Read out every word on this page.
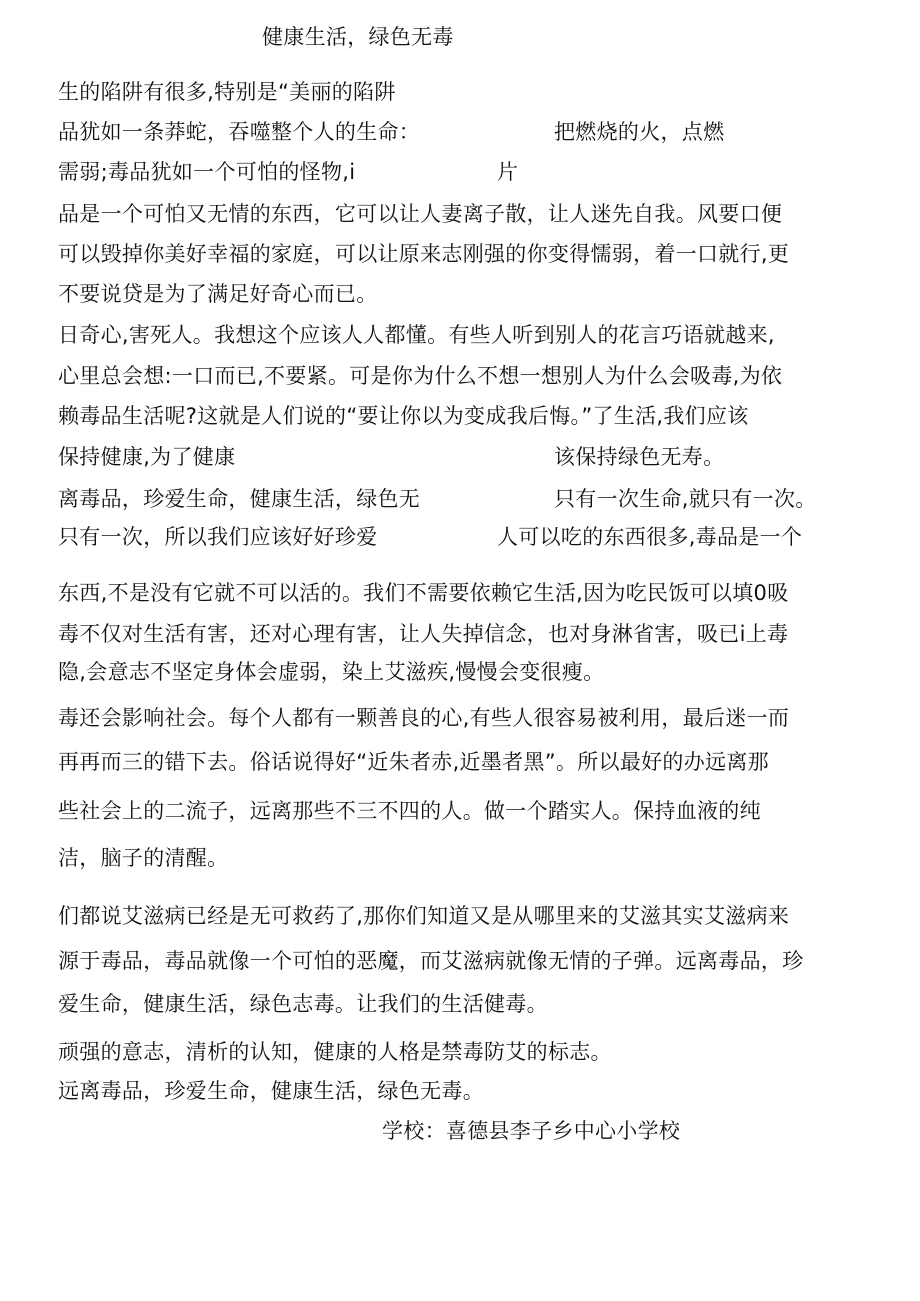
健康生活，绿色无毒
生的陷阱有很多,特别是“美丽的陷阱
品犹如一条莽蛇，吞噬整个人的生命：	把燃烧的火，点燃
需弱;毒品犹如一个可怕的怪物,i	片
品是一个可怕又无情的东西，它可以让人妻离子散，让人迷先自我。风要口便
可以毁掉你美好幸福的家庭，可以让原来志刚强的你变得懦弱，着一口就行,更
不要说贷是为了满足好奇心而已。
日奇心,害死人。我想这个应该人人都懂。有些人听到别人的花言巧语就越来,
心里总会想:一口而已,不要紧。可是你为什么不想一想别人为什么会吸毒,为依
赖毒品生活呢?这就是人们说的“要让你以为变成我后悔。”了生活,我们应该
保持健康,为了健康	该保持绿色无寿。
离毒品，珍爱生命，健康生活，绿色无	只有一次生命,就只有一次。
只有一次，所以我们应该好好珍爱	人可以吃的东西很多,毒品是一个
东西,不是没有它就不可以活的。我们不需要依赖它生活,因为吃民饭可以填0吸
毒不仅对生活有害，还对心理有害，让人失掉信念，也对身淋省害，吸已i上毒
隐,会意志不坚定身体会虚弱，染上艾滋疾,慢慢会变很瘦。
毒还会影响社会。每个人都有一颗善良的心,有些人很容易被利用，最后迷一而
再再而三的错下去。俗话说得好“近朱者赤,近墨者黑”。所以最好的办远离那
些社会上的二流子，远离那些不三不四的人。做一个踏实人。保持血液的纯
洁，脑子的清醒。
们都说艾滋病已经是无可救药了,那你们知道又是从哪里来的艾滋其实艾滋病来
源于毒品，毒品就像一个可怕的恶魔，而艾滋病就像无情的子弹。远离毒品，珍
爱生命，健康生活，绿色志毒。让我们的生活健毒。
顽强的意志，清析的认知，健康的人格是禁毒防艾的标志。
远离毒品，珍爱生命，健康生活，绿色无毒。
学校：喜德县李子乡中心小学校
